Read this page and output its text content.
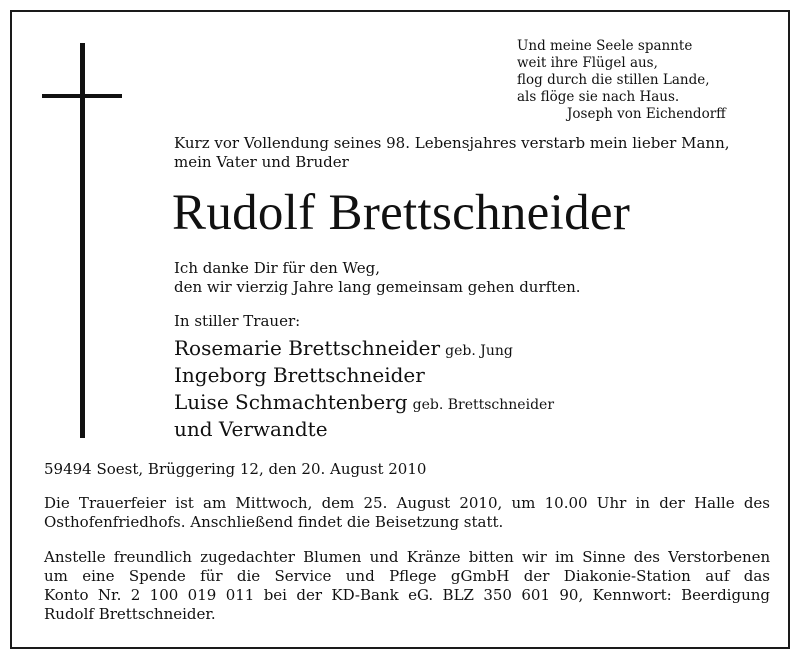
Und meine Seele spannte
weit ihre Flügel aus,
flog durch die stillen Lande,
als flöge sie nach Haus.
Joseph von Eichendorff
Kurz vor Vollendung seines 98. Lebensjahres verstarb mein lieber Mann,
mein Vater und Bruder
Rudolf Brettschneider
Ich danke Dir für den Weg,
den wir vierzig Jahre lang gemeinsam gehen durften.
In stiller Trauer:
Rosemarie Brettschneider geb. Jung
Ingeborg Brettschneider
Luise Schmachtenberg geb. Brettschneider
und Verwandte
59494 Soest, Brüggering 12, den 20. August 2010
Die Trauerfeier ist am Mittwoch, dem 25. August 2010, um 10.00 Uhr in der Halle des
Osthofenfriedhofs. Anschließend findet die Beisetzung statt.
Anstelle freundlich zugedachter Blumen und Kränze bitten wir im Sinne des Verstorbenen
um eine Spende für die Service und Pflege gGmbH der Diakonie-Station auf das
Konto Nr. 2 100 019 011 bei der KD-Bank eG. BLZ 350 601 90, Kennwort: Beerdigung
Rudolf Brettschneider.
